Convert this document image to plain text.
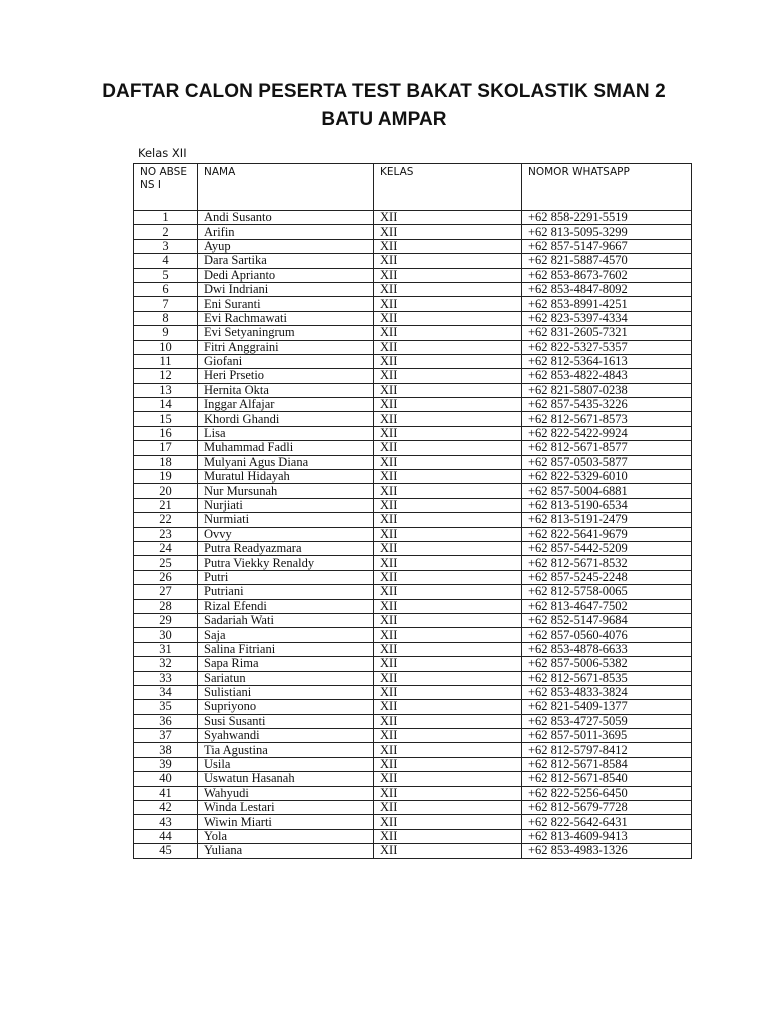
DAFTAR CALON PESERTA TEST BAKAT SKOLASTIK SMAN 2
BATU AMPAR
Kelas XII
NO ABSENS I	NAMA	KELAS	NOMOR WHATSAPP
1	Andi Susanto	XII	+62 858-2291-5519
2	Arifin	XII	+62 813-5095-3299
3	Ayup	XII	+62 857-5147-9667
4	Dara Sartika	XII	+62 821-5887-4570
5	Dedi Aprianto	XII	+62 853-8673-7602
6	Dwi Indriani	XII	+62 853-4847-8092
7	Eni Suranti	XII	+62 853-8991-4251
8	Evi Rachmawati	XII	+62 823-5397-4334
9	Evi Setyaningrum	XII	+62 831-2605-7321
10	Fitri Anggraini	XII	+62 822-5327-5357
11	Giofani	XII	+62 812-5364-1613
12	Heri Prsetio	XII	+62 853-4822-4843
13	Hernita Okta	XII	+62 821-5807-0238
14	Inggar Alfajar	XII	+62 857-5435-3226
15	Khordi Ghandi	XII	+62 812-5671-8573
16	Lisa	XII	+62 822-5422-9924
17	Muhammad Fadli	XII	+62 812-5671-8577
18	Mulyani Agus Diana	XII	+62 857-0503-5877
19	Muratul Hidayah	XII	+62 822-5329-6010
20	Nur Mursunah	XII	+62 857-5004-6881
21	Nurjiati	XII	+62 813-5190-6534
22	Nurmiati	XII	+62 813-5191-2479
23	Ovvy	XII	+62 822-5641-9679
24	Putra Readyazmara	XII	+62 857-5442-5209
25	Putra Viekky Renaldy	XII	+62 812-5671-8532
26	Putri	XII	+62 857-5245-2248
27	Putriani	XII	+62 812-5758-0065
28	Rizal Efendi	XII	+62 813-4647-7502
29	Sadariah Wati	XII	+62 852-5147-9684
30	Saja	XII	+62 857-0560-4076
31	Salina Fitriani	XII	+62 853-4878-6633
32	Sapa Rima	XII	+62 857-5006-5382
33	Sariatun	XII	+62 812-5671-8535
34	Sulistiani	XII	+62 853-4833-3824
35	Supriyono	XII	+62 821-5409-1377
36	Susi Susanti	XII	+62 853-4727-5059
37	Syahwandi	XII	+62 857-5011-3695
38	Tia Agustina	XII	+62 812-5797-8412
39	Usila	XII	+62 812-5671-8584
40	Uswatun Hasanah	XII	+62 812-5671-8540
41	Wahyudi	XII	+62 822-5256-6450
42	Winda Lestari	XII	+62 812-5679-7728
43	Wiwin Miarti	XII	+62 822-5642-6431
44	Yola	XII	+62 813-4609-9413
45	Yuliana	XII	+62 853-4983-1326
